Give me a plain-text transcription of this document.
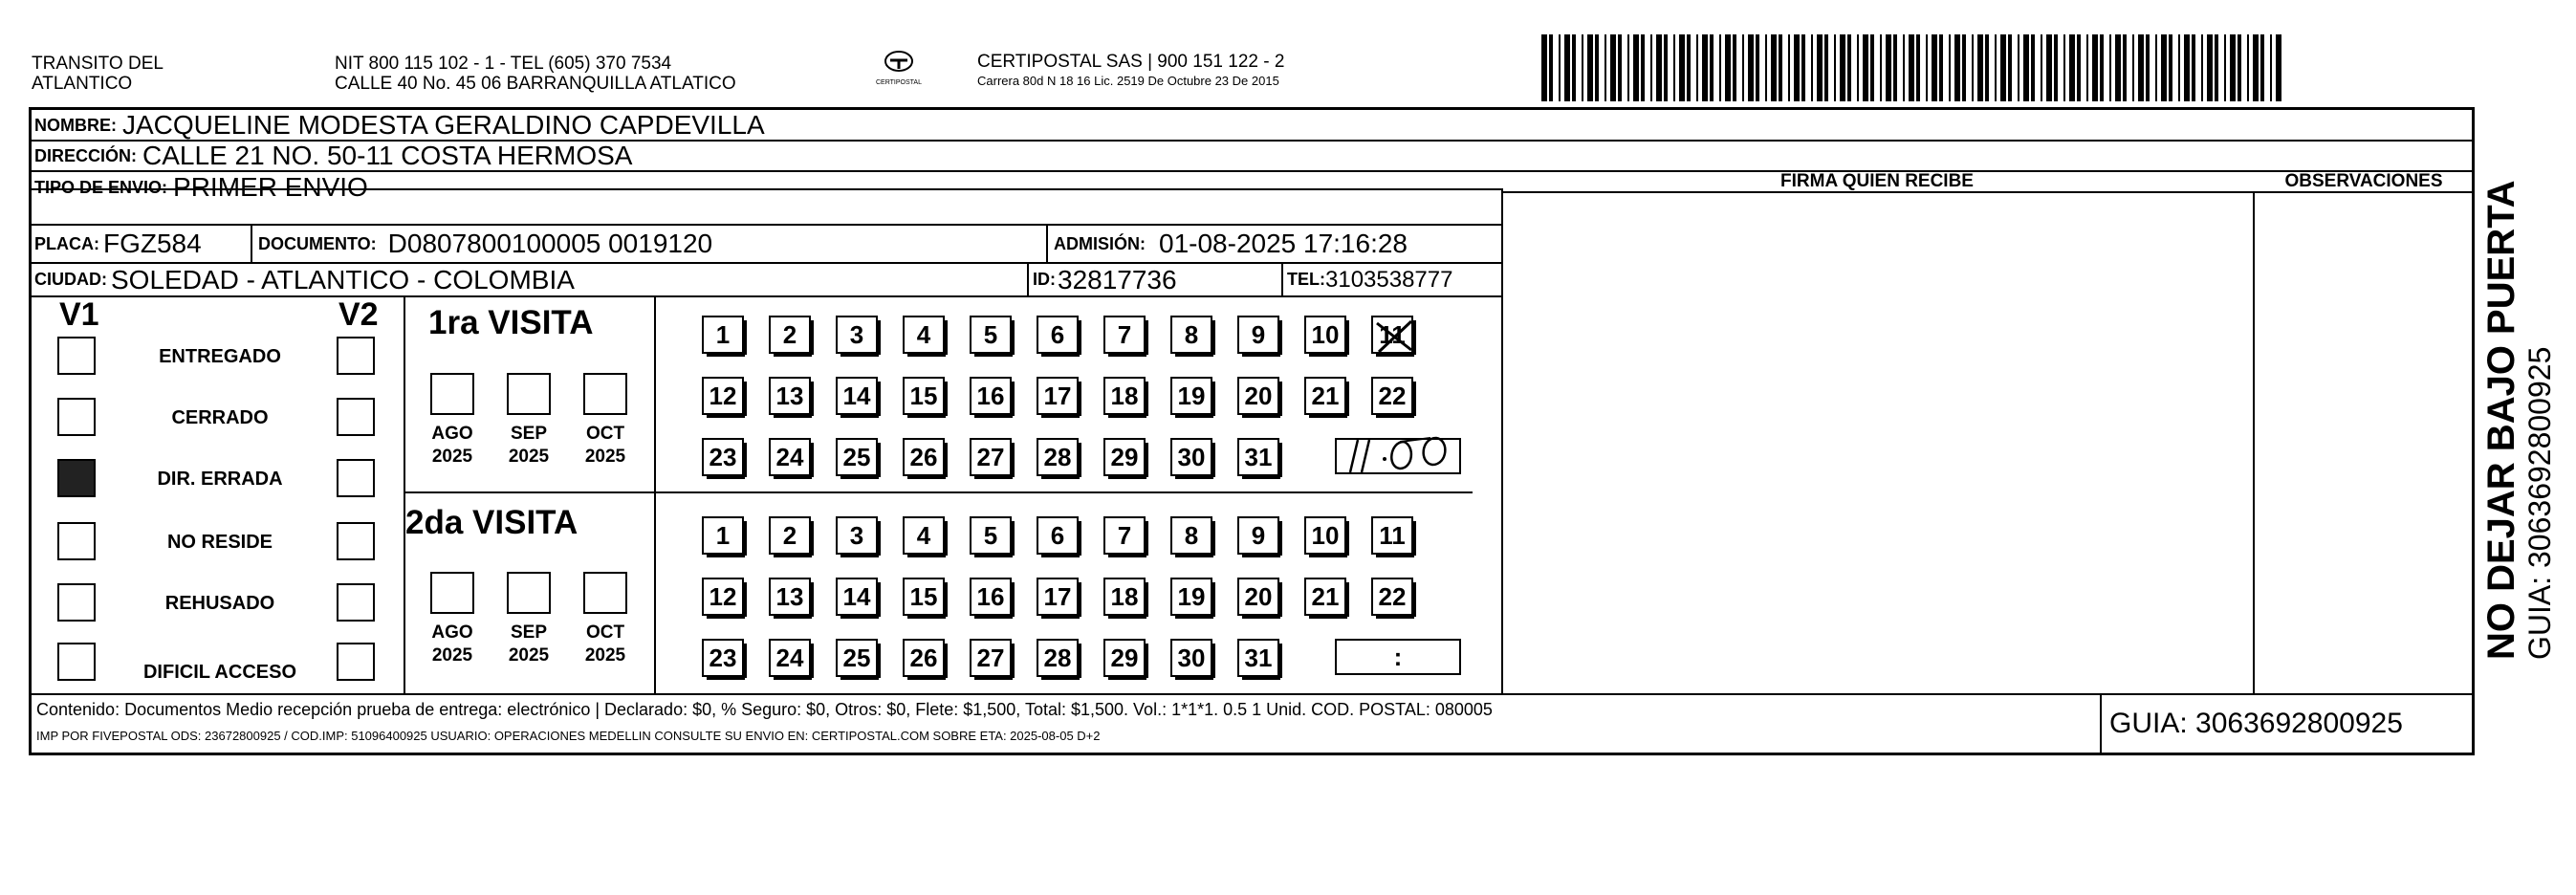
TRANSITO DEL
ATLANTICO
NIT 800 115 102 - 1 - TEL (605) 370 7534
CALLE 40 No. 45 06 BARRANQUILLA ATLATICO	CERTIPOSTAL
CERTIPOSTAL SAS | 900 151 122 - 2
Carrera 80d N 18 16 Lic. 2519 De Octubre 23 De 2015
NOMBRE: JACQUELINE MODESTA GERALDINO CAPDEVILLA
DIRECCIÓN: CALLE 21 NO. 50-11 COSTA HERMOSA
TIPO DE ENVIO: PRIMER ENVIO	FIRMA QUIEN RECIBE	OBSERVACIONES
PLACA: FGZ584	DOCUMENTO: D0807800100005 0019120	ADMISIÓN: 01-08-2025 17:16:28
CIUDAD: SOLEDAD - ATLANTICO - COLOMBIA	ID: 32817736	TEL: 3103538777
V1	V2
ENTREGADO
CERRADO
DIR. ERRADA
NO RESIDE
REHUSADO
DIFICIL ACCESO
1ra VISITA
2da VISITA
AGO
2025
SEP
2025
OCT
2025
AGO
2025
SEP
2025
OCT
2025
1	2	3	4	5	6	7	8	9	10	11
12 13 14 15 16 17 18 19 20 21 22
23 24 25 26 27 28 29 30 31
1	2	3	4	5	6	7	8	9	10	11
12 13 14 15 16 17 18 19 20 21 22
23 24 25 26 27 28 29 30 31	:
Contenido: Documentos Medio recepción prueba de entrega: electrónico | Declarado: $0, % Seguro: $0, Otros: $0, Flete: $1,500, Total: $1,500. Vol.: 1*1*1. 0.5 1 Unid. COD. POSTAL: 080005
IMP POR FIVEPOSTAL ODS: 23672800925 / COD.IMP: 51096400925 USUARIO: OPERACIONES MEDELLIN CONSULTE SU ENVIO EN: CERTIPOSTAL.COM SOBRE ETA: 2025-08-05 D+2	GUIA: 3063692800925
NO DEJAR BAJO PUERTA GUIA: 3063692800925
